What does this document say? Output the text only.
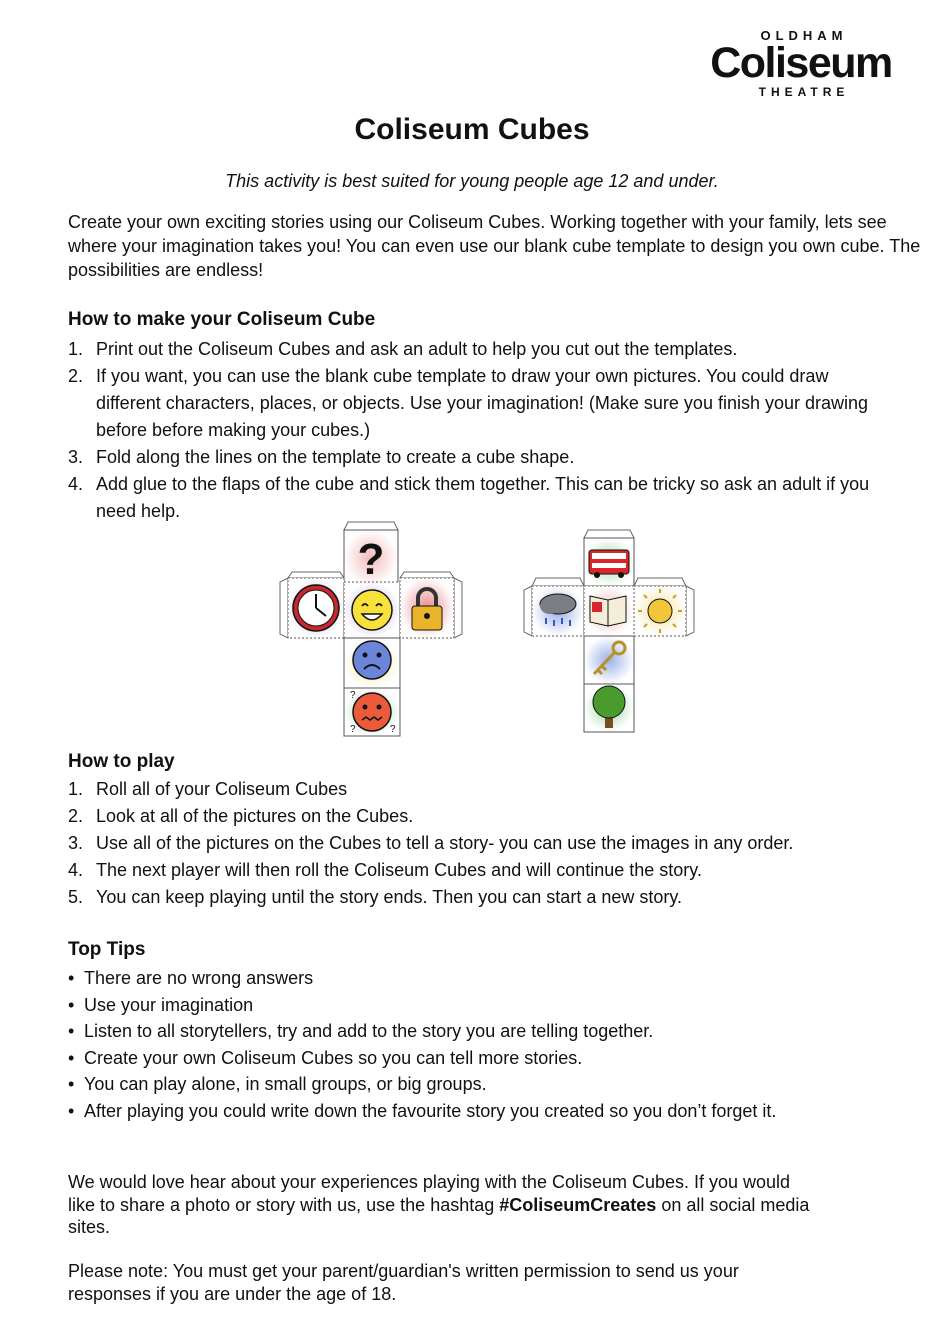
OLDHAM
Coliseum
THEATRE
Coliseum Cubes
This activity is best suited for young people age 12 and under.
Create your own exciting stories using our Coliseum Cubes. Working together with your family, lets see where your imagination takes you! You can even use our blank cube template to design you own cube. The possibilities are endless!
How to make your Coliseum Cube
1. Print out the Coliseum Cubes and ask an adult to help you cut out the templates.
2. If you want, you can use the blank cube template to draw your own pictures. You could draw different characters, places, or objects. Use your imagination! (Make sure you finish your drawing before before making your cubes.)
3. Fold along the lines on the template to create a cube shape.
4. Add glue to the flaps of the cube and stick them together. This can be tricky so ask an adult if you need help.
?
?
?	?
How to play
1. Roll all of your Coliseum Cubes
2. Look at all of the pictures on the Cubes.
3. Use all of the pictures on the Cubes to tell a story- you can use the images in any order.
4. The next player will then roll the Coliseum Cubes and will continue the story.
5. You can keep playing until the story ends. Then you can start a new story.
Top Tips
• There are no wrong answers
• Use your imagination
• Listen to all storytellers, try and add to the story you are telling together.
• Create your own Coliseum Cubes so you can tell more stories.
• You can play alone, in small groups, or big groups.
• After playing you could write down the favourite story you created so you don’t forget it.
We would love hear about your experiences playing with the Coliseum Cubes. If you would like to share a photo or story with us, use the hashtag #ColiseumCreates on all social media sites.
Please note: You must get your parent/guardian's written permission to send us your responses if you are under the age of 18.
